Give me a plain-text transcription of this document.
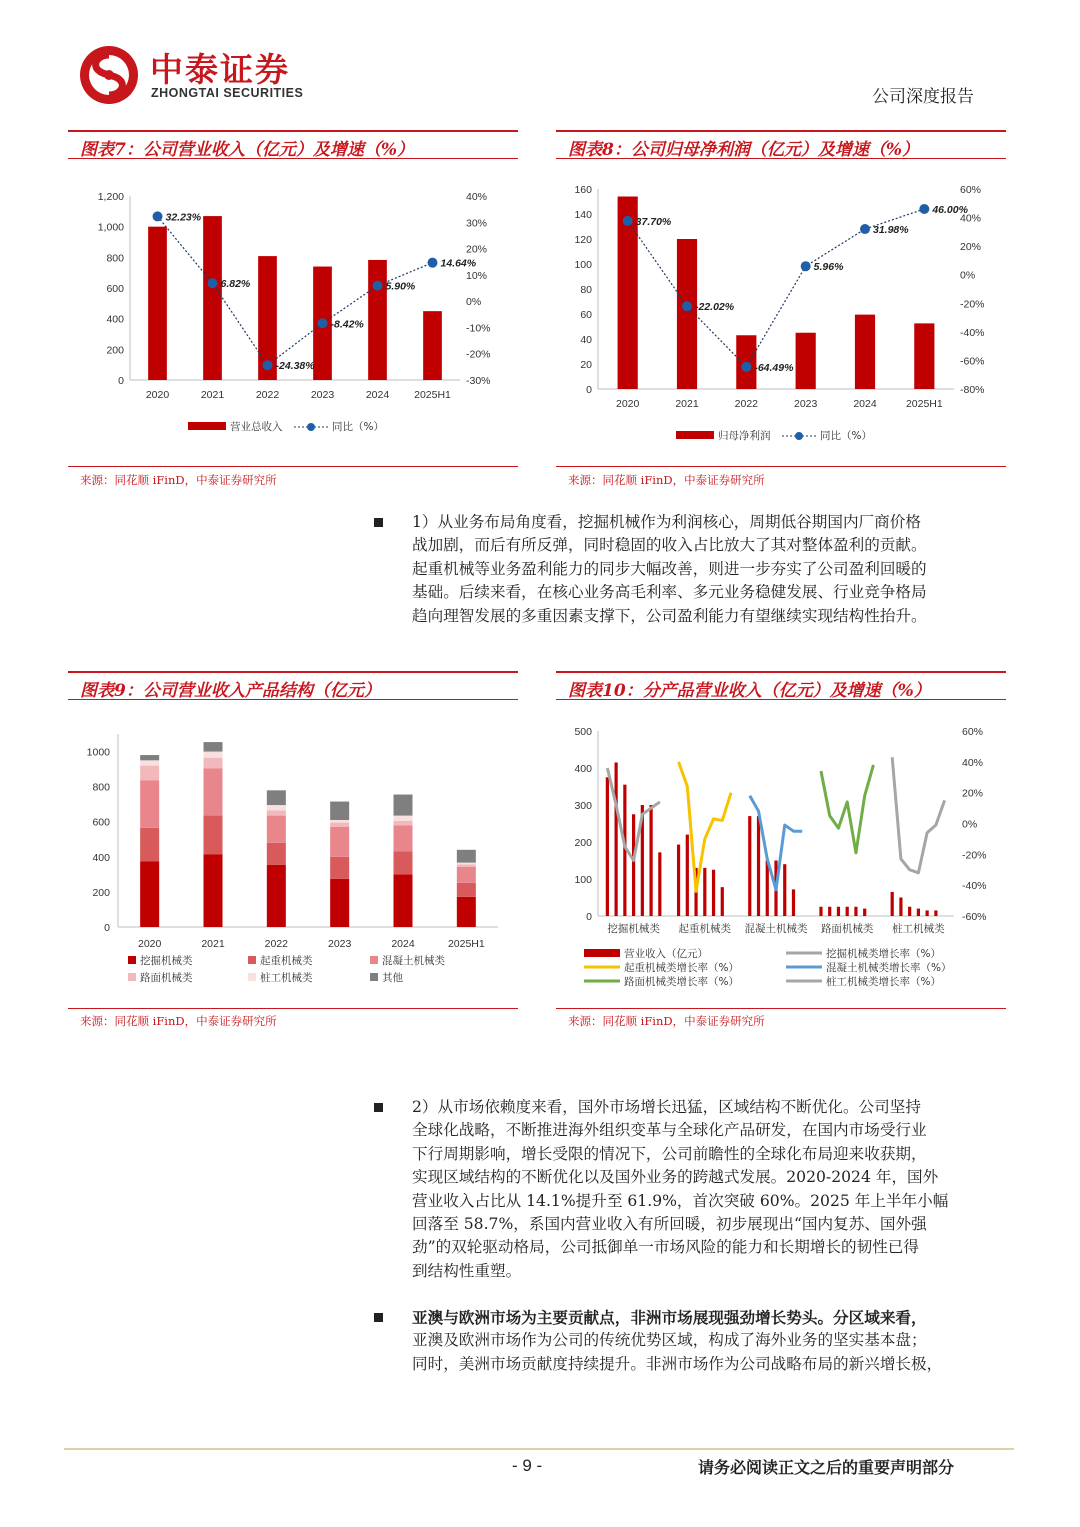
中泰证券
ZHONGTAI SECURITIES	公司深度报告
图表7：公司营业收入（亿元）及增速（%）
0
200
400
600
800
1,000
1,200
-30%
-20%
-10%
0%
10%
20%
30%
40%
2020	2021	2022	2023	2024 2025H1
32.23%
6.82%
-24.38%
-8.42%
5.90%
14.64%
营业总收入	同比（%）
来源：同花顺 iFinD，中泰证券研究所
图表8：公司归母净利润（亿元）及增速（%）
0
20
40
60
80
100
120
140
160
-80%
-60%
-40%
-20%
0%
20%
40%
60%
2020	2021	2022	2023	2024	2025H1
37.70%
-22.02%
-64.49%
5.96%
31.98%
46.00%
归母净利润	同比（%）
来源：同花顺 iFinD，中泰证券研究所
1）从业务布局角度看，挖掘机械作为利润核心，周期低谷期国内厂商价格
战加剧，而后有所反弹，同时稳固的收入占比放大了其对整体盈利的贡献。
起重机械等业务盈利能力的同步大幅改善，则进一步夯实了公司盈利回暖的
基础。后续来看，在核心业务高毛利率、多元业务稳健发展、行业竞争格局
趋向理智发展的多重因素支撑下，公司盈利能力有望继续实现结构性抬升。
图表9：公司营业收入产品结构（亿元）
0
200
400
600
800
1000
2020	2021	2022	2023	2024	2025H1
挖掘机械类	起重机械类	混凝土机械类
路面机械类	桩工机械类	其他
来源：同花顺 iFinD，中泰证券研究所
图表10：分产品营业收入（亿元）及增速（%）
0
100
200
300
400
500
-60%
-40%
-20%
0%
20%
40%
60%
挖掘机械类 起重机械类 混凝土机械类 路面机械类 桩工机械类
营业收入（亿元）	挖掘机械类增长率（%）
起重机械类增长率（%）	混凝土机械类增长率（%）
路面机械类增长率（%）	桩工机械类增长率（%）
来源：同花顺 iFinD，中泰证券研究所
2）从市场依赖度来看，国外市场增长迅猛，区域结构不断优化。公司坚持
全球化战略，不断推进海外组织变革与全球化产品研发，在国内市场受行业
下行周期影响，增长受限的情况下，公司前瞻性的全球化布局迎来收获期，
实现区域结构的不断优化以及国外业务的跨越式发展。2020-2024 年，国外
营业收入占比从 14.1%提升至 61.9%，首次突破 60%。2025 年上半年小幅
回落至 58.7%，系国内营业收入有所回暖，初步展现出“国内复苏、国外强
劲”的双轮驱动格局，公司抵御单一市场风险的能力和长期增长的韧性已得
到结构性重塑。
亚澳与欧洲市场为主要贡献点，非洲市场展现强劲增长势头。分区域来看，
亚澳及欧洲市场作为公司的传统优势区域，构成了海外业务的坚实基本盘；
同时，美洲市场贡献度持续提升。非洲市场作为公司战略布局的新兴增长极，
- 9 -	请务必阅读正文之后的重要声明部分
